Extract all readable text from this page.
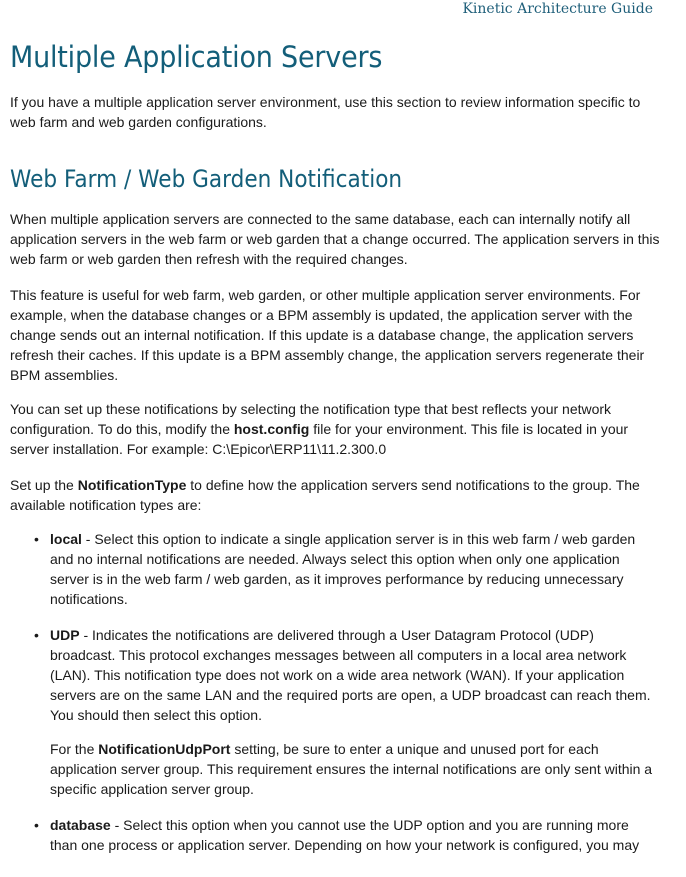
Kinetic Architecture Guide
Multiple Application Servers

If you have a multiple application server environment, use this section to review information specific to web farm and web garden configurations.

Web Farm / Web Garden Notification

When multiple application servers are connected to the same database, each can internally notify all application servers in the web farm or web garden that a change occurred. The application servers in this web farm or web garden then refresh with the required changes.

This feature is useful for web farm, web garden, or other multiple application server environments. For example, when the database changes or a BPM assembly is updated, the application server with the change sends out an internal notification. If this update is a database change, the application servers refresh their caches. If this update is a BPM assembly change, the application servers regenerate their BPM assemblies.

You can set up these notifications by selecting the notification type that best reflects your network configuration. To do this, modify the host.config file for your environment. This file is located in your server installation. For example: C:\Epicor\ERP11\11.2.300.0

Set up the NotificationType to define how the application servers send notifications to the group. The available notification types are:

• local - Select this option to indicate a single application server is in this web farm / web garden and no internal notifications are needed. Always select this option when only one application server is in the web farm / web garden, as it improves performance by reducing unnecessary notifications.
• UDP - Indicates the notifications are delivered through a User Datagram Protocol (UDP) broadcast. This protocol exchanges messages between all computers in a local area network (LAN). This notification type does not work on a wide area network (WAN). If your application servers are on the same LAN and the required ports are open, a UDP broadcast can reach them. You should then select this option.
For the NotificationUdpPort setting, be sure to enter a unique and unused port for each application server group. This requirement ensures the internal notifications are only sent within a specific application server group.
• database - Select this option when you cannot use the UDP option and you are running more than one process or application server. Depending on how your network is configured, you may
